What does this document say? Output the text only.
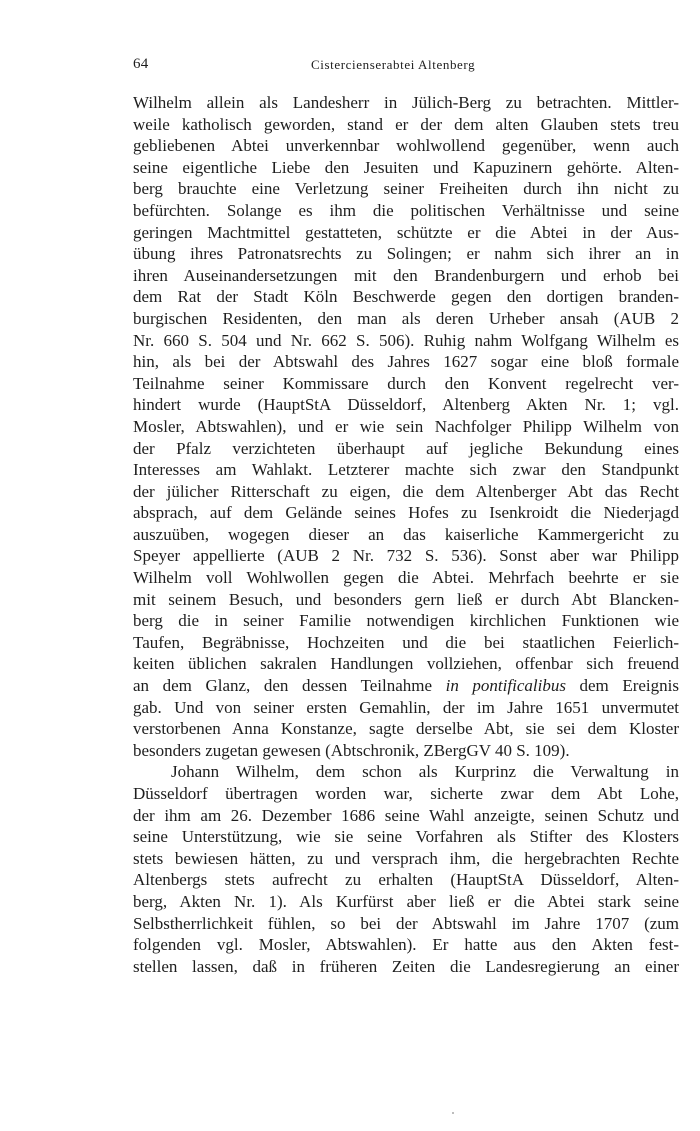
64	Cistercienserabtei Altenberg
Wilhelm allein als Landesherr in Jülich-Berg zu betrachten. Mittler-
weile katholisch geworden, stand er der dem alten Glauben stets treu
gebliebenen Abtei unverkennbar wohlwollend gegenüber, wenn auch
seine eigentliche Liebe den Jesuiten und Kapuzinern gehörte. Alten-
berg brauchte eine Verletzung seiner Freiheiten durch ihn nicht zu
befürchten. Solange es ihm die politischen Verhältnisse und seine
geringen Machtmittel gestatteten, schützte er die Abtei in der Aus-
übung ihres Patronatsrechts zu Solingen; er nahm sich ihrer an in
ihren Auseinandersetzungen mit den Brandenburgern und erhob bei
dem Rat der Stadt Köln Beschwerde gegen den dortigen branden-
burgischen Residenten, den man als deren Urheber ansah (AUB 2
Nr. 660 S. 504 und Nr. 662 S. 506). Ruhig nahm Wolfgang Wilhelm es
hin, als bei der Abtswahl des Jahres 1627 sogar eine bloß formale
Teilnahme seiner Kommissare durch den Konvent regelrecht ver-
hindert wurde (HauptStA Düsseldorf, Altenberg Akten Nr. 1; vgl.
Mosler, Abtswahlen), und er wie sein Nachfolger Philipp Wilhelm von
der Pfalz verzichteten überhaupt auf jegliche Bekundung eines
Interesses am Wahlakt. Letzterer machte sich zwar den Standpunkt
der jülicher Ritterschaft zu eigen, die dem Altenberger Abt das Recht
absprach, auf dem Gelände seines Hofes zu Isenkroidt die Niederjagd
auszuüben, wogegen dieser an das kaiserliche Kammergericht zu
Speyer appellierte (AUB 2 Nr. 732 S. 536). Sonst aber war Philipp
Wilhelm voll Wohlwollen gegen die Abtei. Mehrfach beehrte er sie
mit seinem Besuch, und besonders gern ließ er durch Abt Blancken-
berg die in seiner Familie notwendigen kirchlichen Funktionen wie
Taufen, Begräbnisse, Hochzeiten und die bei staatlichen Feierlich-
keiten üblichen sakralen Handlungen vollziehen, offenbar sich freuend
an dem Glanz, den dessen Teilnahme in pontificalibus dem Ereignis
gab. Und von seiner ersten Gemahlin, der im Jahre 1651 unvermutet
verstorbenen Anna Konstanze, sagte derselbe Abt, sie sei dem Kloster
besonders zugetan gewesen (Abtschronik, ZBergGV 40 S. 109).
Johann Wilhelm, dem schon als Kurprinz die Verwaltung in
Düsseldorf übertragen worden war, sicherte zwar dem Abt Lohe,
der ihm am 26. Dezember 1686 seine Wahl anzeigte, seinen Schutz und
seine Unterstützung, wie sie seine Vorfahren als Stifter des Klosters
stets bewiesen hätten, zu und versprach ihm, die hergebrachten Rechte
Altenbergs stets aufrecht zu erhalten (HauptStA Düsseldorf, Alten-
berg, Akten Nr. 1). Als Kurfürst aber ließ er die Abtei stark seine
Selbstherrlichkeit fühlen, so bei der Abtswahl im Jahre 1707 (zum
folgenden vgl. Mosler, Abtswahlen). Er hatte aus den Akten fest-
stellen lassen, daß in früheren Zeiten die Landesregierung an einer
